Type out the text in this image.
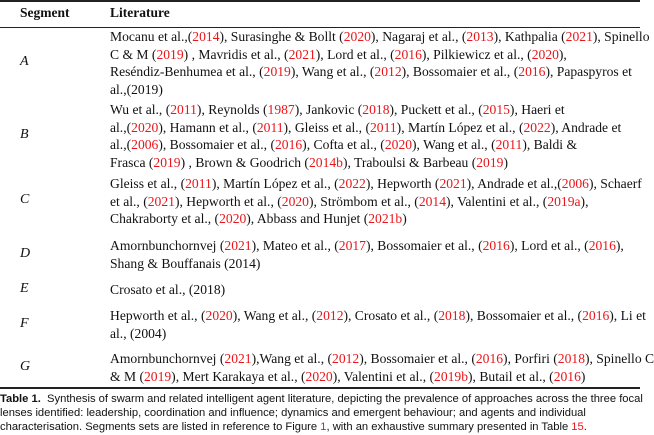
Segment	Literature
A
Mocanu et al.,(2014), Surasinghe & Bollt (2020), Nagaraj et al., (2013), Kathpalia (2021), Spinello
C & M (2019) , Mavridis et al., (2021), Lord et al., (2016), Pilkiewicz et al., (2020),
Reséndiz-Benhumea et al., (2019), Wang et al., (2012), Bossomaier et al., (2016), Papaspyros et
al.,(2019)
B
Wu et al., (2011), Reynolds (1987), Jankovic (2018), Puckett et al., (2015), Haeri et
al.,(2020), Hamann et al., (2011), Gleiss et al., (2011), Martín López et al., (2022), Andrade et
al.,(2006), Bossomaier et al., (2016), Cofta et al., (2020), Wang et al., (2011), Baldi &
Frasca (2019) , Brown & Goodrich (2014b), Traboulsi & Barbeau (2019)
C
Gleiss et al., (2011), Martín López et al., (2022), Hepworth (2021), Andrade et al.,(2006), Schaerf
et al., (2021), Hepworth et al., (2020), Strömbom et al., (2014), Valentini et al., (2019a),
Chakraborty et al., (2020), Abbass and Hunjet (2021b)
D
Amornbunchornvej (2021), Mateo et al., (2017), Bossomaier et al., (2016), Lord et al., (2016),
Shang & Bouffanais (2014)
E	Crosato et al., (2018)
F
Hepworth et al., (2020), Wang et al., (2012), Crosato et al., (2018), Bossomaier et al., (2016), Li et
al., (2004)
G
Amornbunchornvej (2021),Wang et al., (2012), Bossomaier et al., (2016), Porfiri (2018), Spinello C
& M (2019), Mert Karakaya et al., (2020), Valentini et al., (2019b), Butail et al., (2016)
Table 1. Synthesis of swarm and related intelligent agent literature, depicting the prevalence of approaches across the three focal
lenses identified: leadership, coordination and influence; dynamics and emergent behaviour; and agents and individual
characterisation. Segments sets are listed in reference to Figure 1, with an exhaustive summary presented in Table 15.
